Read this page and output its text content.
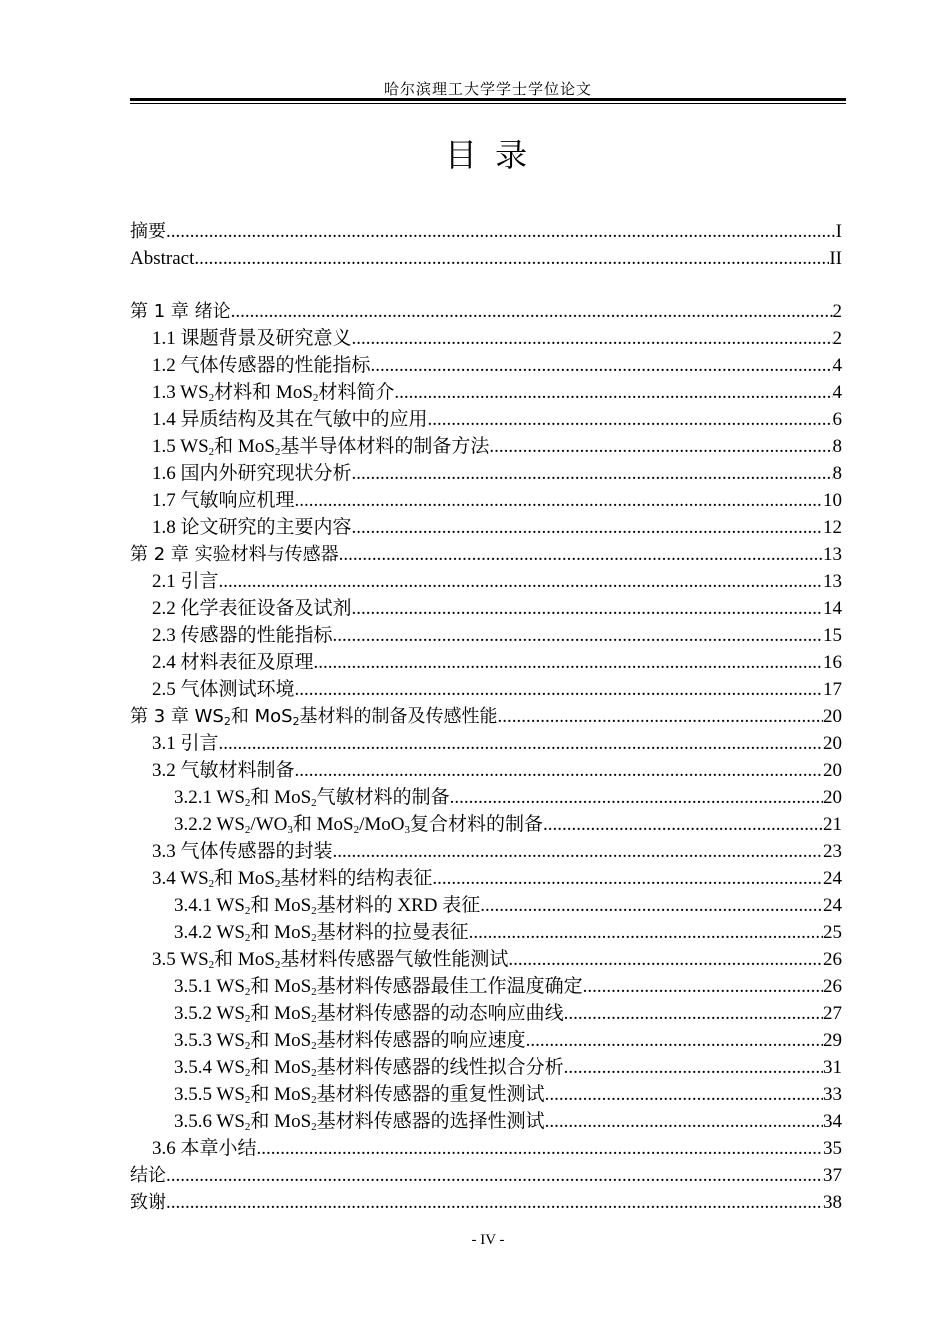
哈尔滨理工大学学士学位论文
目 录
摘要 .....	I
Abstract .....	II
第 1 章 绪论 .....	2
1.1 课题背景及研究意义 .....	2
1.2 气体传感器的性能指标 .....	4
1.3 $WS_2$材料和 MoS$_2$材料简介 .....	4
1.4 异质结构及其在气敏中的应用 .....	6
1.5 $WS_2$和 MoS$_2$基半导体材料的制备方法 .....	8
1.6 国内外研究现状分析 .....	8
1.7 气敏响应机理 .....	10
1.8 论文研究的主要内容 .....	12
第 2 章 实验材料与传感器 .....	13
2.1 引言 .....	13
2.2 化学表征设备及试剂 .....	14
2.3 传感器的性能指标 .....	15
2.4 材料表征及原理 .....	16
2.5 气体测试环境 .....	17
第 3 章 $WS_2$和 MoS$_2$基材料的制备及传感性能 .....	20
3.1 引言 .....	20
3.2 气敏材料制备 .....	20
3.2.1 $WS_2$和 MoS$_2$气敏材料的制备 .....	20
3.2.2 $WS_2/WO_3$和 MoS$_2$/MoO$_3$复合材料的制备 .....	21
3.3 气体传感器的封装 .....	23
3.4 $WS_2$和 MoS$_2$基材料的结构表征 .....	24
3.4.1 $WS_2$和 MoS$_2$基材料的 XRD 表征 .....	24
3.4.2 $WS_2$和 MoS$_2$基材料的拉曼表征 .....	25
3.5 $WS_2$和 MoS$_2$基材料传感器气敏性能测试 .....	26
3.5.1 $WS_2$和 MoS$_2$基材料传感器最佳工作温度确定 .....	26
3.5.2 $WS_2$和 MoS$_2$基材料传感器的动态响应曲线 .....	27
3.5.3 $WS_2$和 MoS$_2$基材料传感器的响应速度 .....	29
3.5.4 $WS_2$和 MoS$_2$基材料传感器的线性拟合分析 .....	31
3.5.5 $WS_2$和 MoS$_2$基材料传感器的重复性测试 .....	33
3.5.6 $WS_2$和 MoS$_2$基材料传感器的选择性测试 .....	34
3.6 本章小结 .....	35
结论 .....	37
致谢 .....	38
- IV -
